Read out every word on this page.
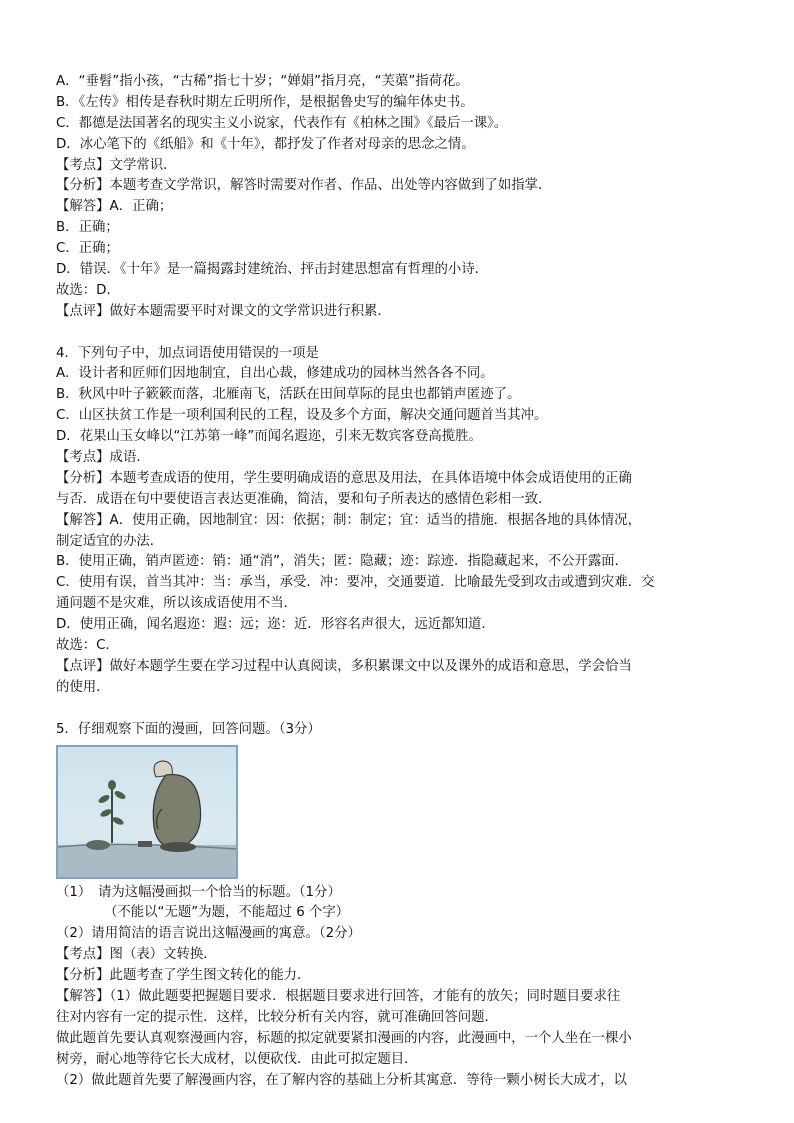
A．“垂髫”指小孩，“古稀”指七十岁；“婵娟”指月亮，“芙蕖”指荷花。
B．《左传》相传是春秋时期左丘明所作，是根据鲁史写的编年体史书。
C．都德是法国著名的现实主义小说家，代表作有《柏林之围》《最后一课》。
D．冰心笔下的《纸船》和《十年》，都抒发了作者对母亲的思念之情。
【考点】文学常识．
【分析】本题考查文学常识，解答时需要对作者、作品、出处等内容做到了如指掌．
【解答】A．正确；
B．正确；
C．正确；
D．错误．《十年》是一篇揭露封建统治、抨击封建思想富有哲理的小诗．
故选：D．
【点评】做好本题需要平时对课文的文学常识进行积累．
4．下列句子中，加点词语使用错误的一项是
A．设计者和匠师们因地制宜，自出心裁，修建成功的园林当然各各不同。
B．秋风中叶子簌簌而落，北雁南飞，活跃在田间草际的昆虫也都销声匿迹了。
C．山区扶贫工作是一项利国利民的工程，设及多个方面，解决交通问题首当其冲。
D．花果山玉女峰以“江苏第一峰”而闻名遐迩，引来无数宾客登高揽胜。
【考点】成语．
【分析】本题考查成语的使用，学生要明确成语的意思及用法，在具体语境中体会成语使用的正确
与否．成语在句中要使语言表达更准确，简洁，要和句子所表达的感情色彩相一致．
【解答】A．使用正确，因地制宜：因：依据；制：制定；宜：适当的措施．根据各地的具体情况，
制定适宜的办法．
B．使用正确，销声匿迹：销：通“消”，消失；匿：隐藏；迹：踪迹．指隐藏起来，不公开露面．
C．使用有误，首当其冲：当：承当，承受．冲：要冲，交通要道．比喻最先受到攻击或遭到灾难．交
通问题不是灾难，所以该成语使用不当．
D．使用正确，闻名遐迩：遐：远；迩：近．形容名声很大，远近都知道．
故选：C．
【点评】做好本题学生要在学习过程中认真阅读，多积累课文中以及课外的成语和意思，学会恰当
的使用．
5．仔细观察下面的漫画，回答问题。（3分）
（1）　请为这幅漫画拟一个恰当的标题。（1分）
（不能以“无题”为题，不能超过 6 个字）
（2）请用简洁的语言说出这幅漫画的寓意。（2分）
【考点】图（表）文转换．
【分析】此题考查了学生图文转化的能力．
【解答】（1）做此题要把握题目要求．根据题目要求进行回答，才能有的放矢；同时题目要求往
往对内容有一定的提示性．这样，比较分析有关内容，就可准确回答问题．
做此题首先要认真观察漫画内容，标题的拟定就要紧扣漫画的内容，此漫画中，一个人坐在一棵小
树旁，耐心地等待它长大成材，以便砍伐．由此可拟定题目．
（2）做此题首先要了解漫画内容，在了解内容的基础上分析其寓意．等待一颗小树长大成才，以
